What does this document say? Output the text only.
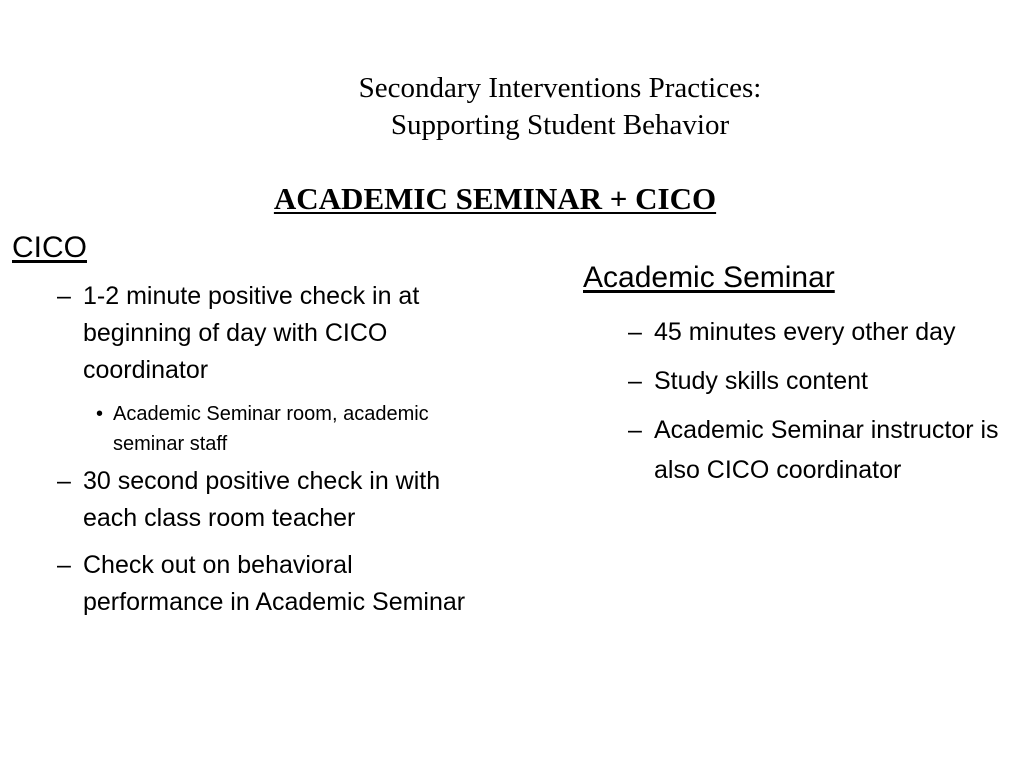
Secondary Interventions Practices:
Supporting Student Behavior
ACADEMIC SEMINAR + CICO
CICO
– 1-2 minute positive check in at beginning of day with CICO coordinator
• Academic Seminar room, academic seminar staff
– 30 second positive check in with each class room teacher
– Check out on behavioral performance in Academic Seminar
Academic Seminar
– 45 minutes every other day
– Study skills content
– Academic Seminar instructor is also CICO coordinator
